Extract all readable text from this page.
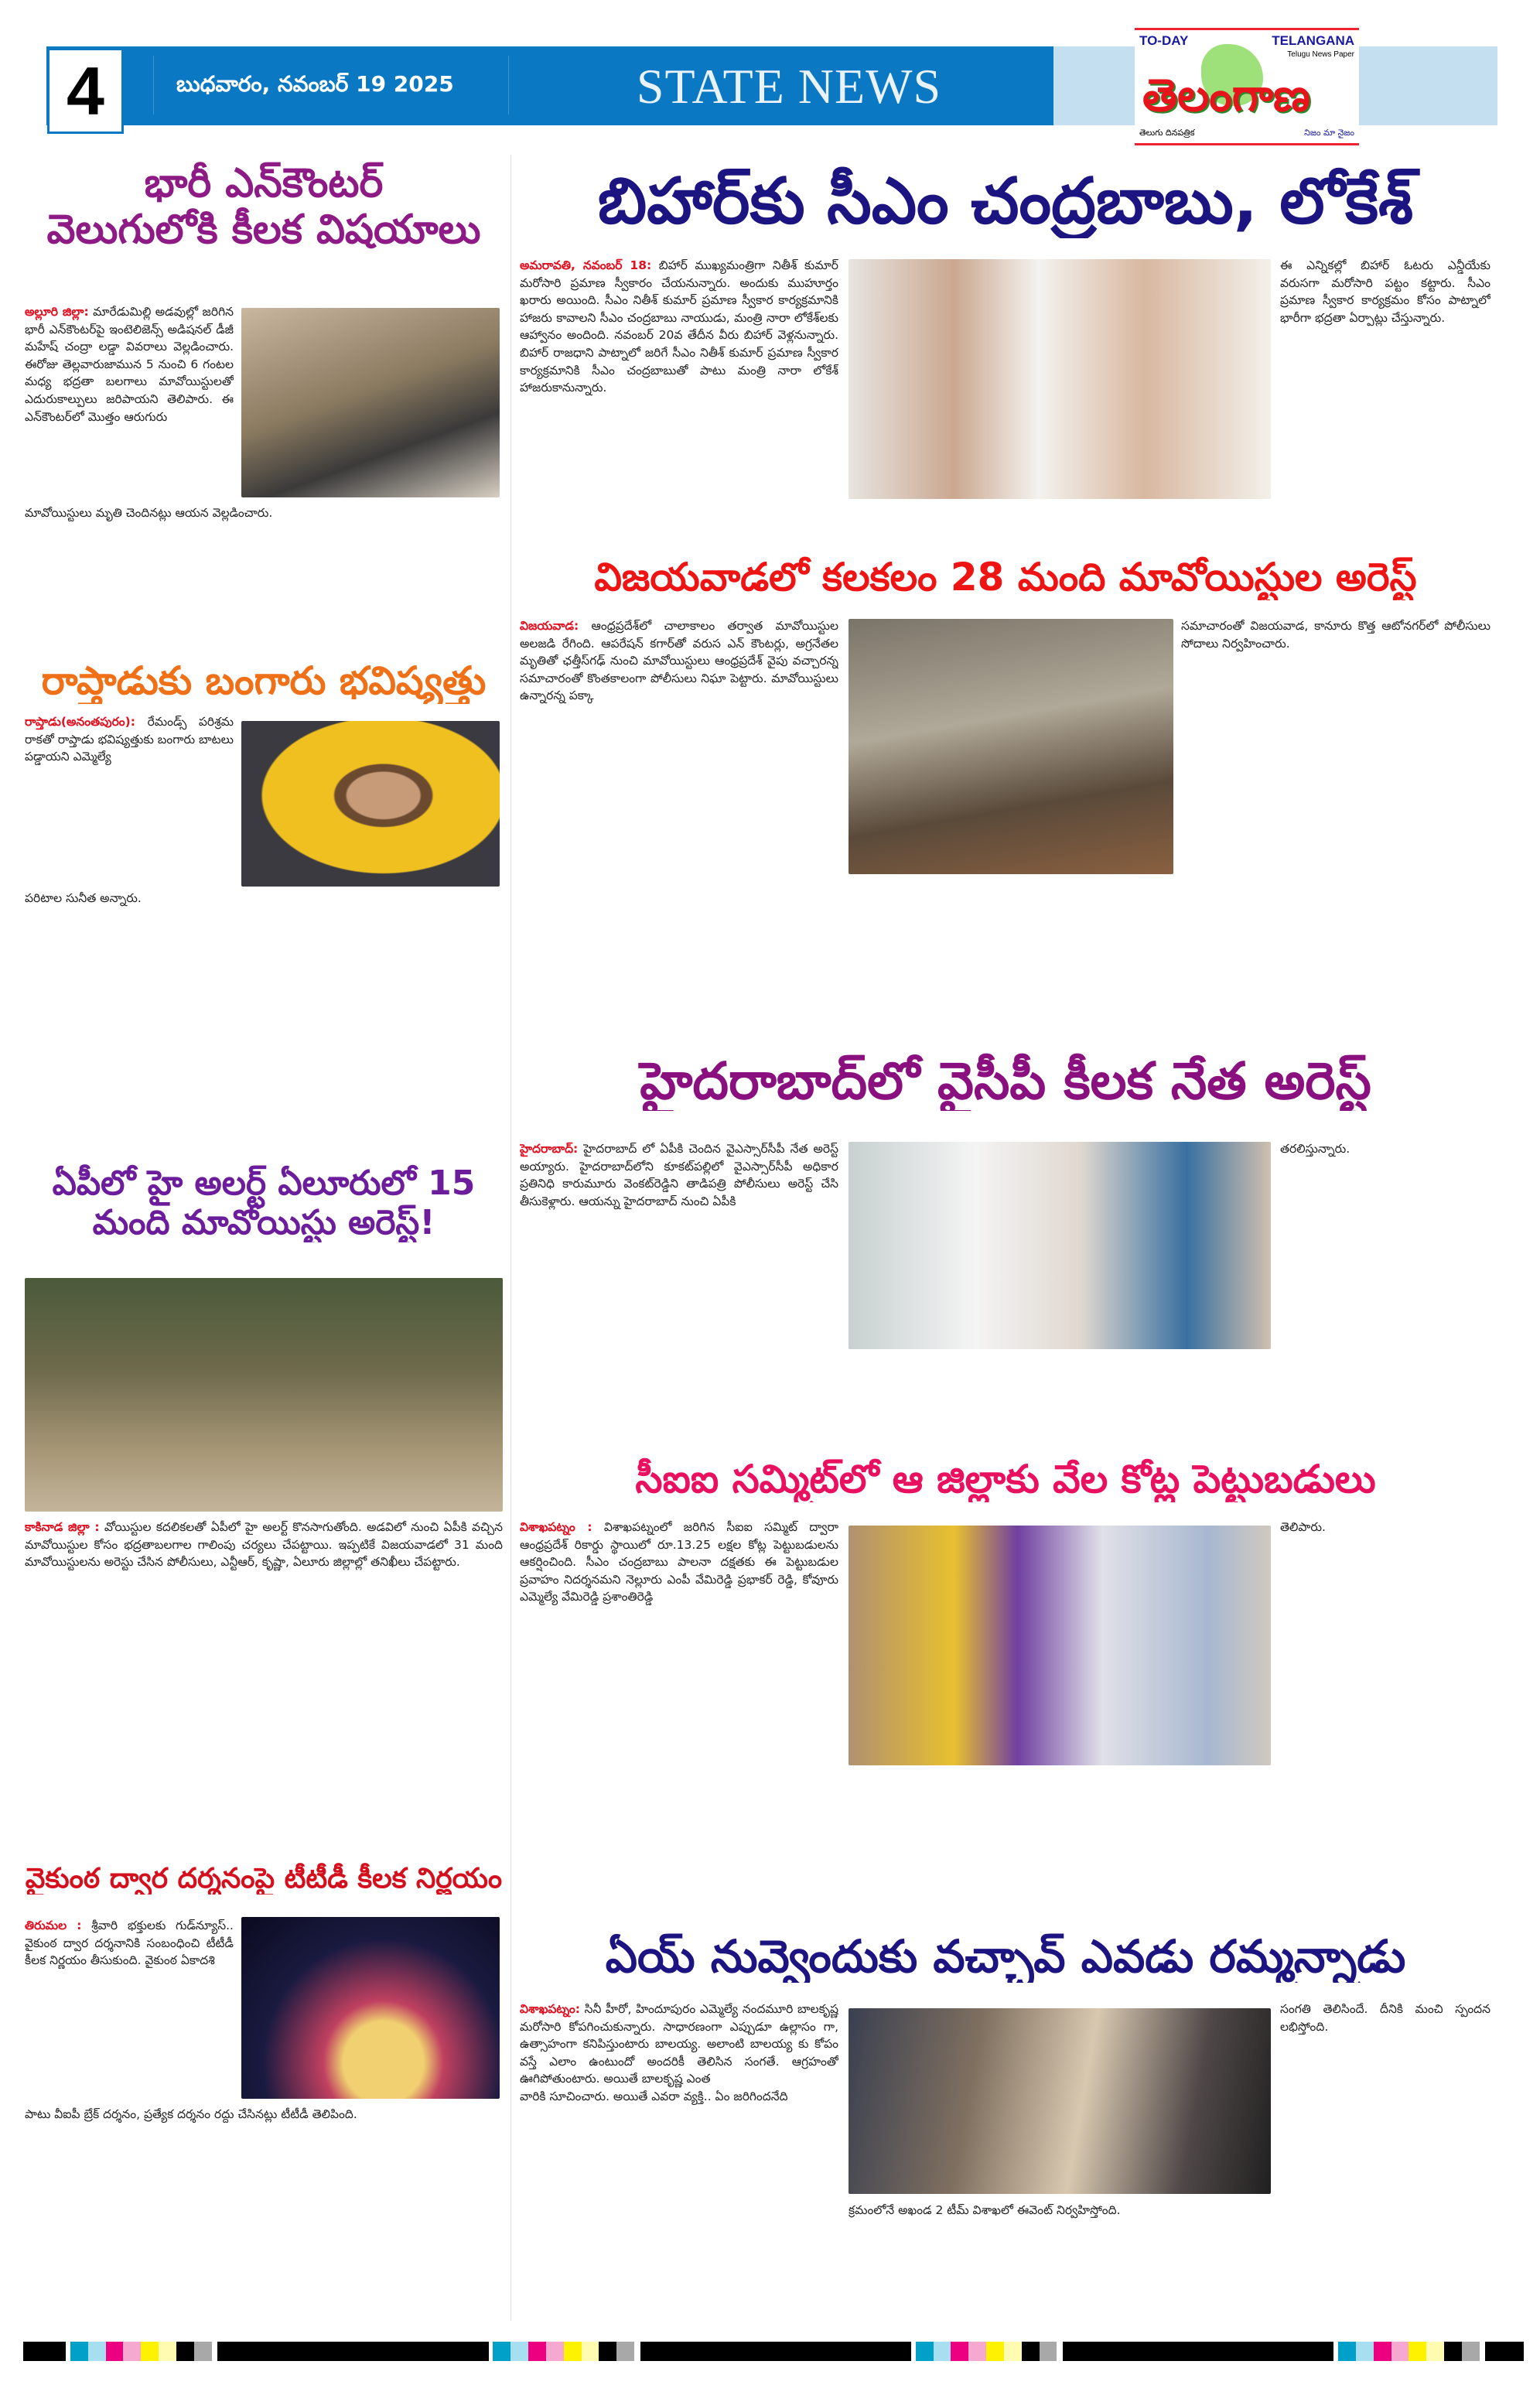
4	బుధవారం, నవంబర్ 19 2025	STATE NEWS
TO-DAY	TELANGANA
Telugu News Paper
తెలంగాణ
తెలుగు దినపత్రిక	నిజం మా నైజం
భారీ ఎన్‌కౌంటర్
వెలుగులోకి కీలక విషయాలు
అల్లూరి జిల్లా: మారేడుమిల్లి అడవుల్లో జరిగిన భారీ ఎన్‌కౌంటర్‌పై ఇంటెలిజెన్స్ అడిషనల్ డీజీ మహేష్ చంద్రా లడ్డా వివరాలు వెల్లడించారు. ఈరోజు తెల్లవారుజామున 5 నుంచి 6 గంటల మధ్య భద్రతా బలగాలు మావోయిస్టులతో ఎదురుకాల్పులు జరిపాయని తెలిపారు. ఈ ఎన్‌కౌంటర్‌లో మొత్తం ఆరుగురు
మావోయిస్టులు మృతి చెందినట్లు ఆయన వెల్లడించారు.
రాప్తాడుకు బంగారు భవిష్యత్తు
రాప్తాడు(అనంతపురం): రేమండ్స్ పరిశ్రమ రాకతో రాప్తాడు భవిష్యత్తుకు బంగారు బాటలు పడ్డాయని ఎమ్మెల్యే
పరిటాల సునీత అన్నారు.
ఏపీలో హై అలర్ట్ ఏలూరులో 15
మంది మావోయిస్టు అరెస్ట్!
కాకినాడ జిల్లా : వోయిస్టుల కదలికలతో ఏపీలో హై అలర్ట్ కొనసాగుతోంది. అడవిలో నుంచి ఏపీకి వచ్చిన మావోయిస్టుల కోసం భద్రతాబలగాల గాలింపు చర్యలు చేపట్టాయి. ఇప్పటికే విజయవాడలో 31 మంది మావోయిస్టులను అరెస్టు చేసిన పోలీసులు, ఎన్టీఆర్, కృష్ణా, ఏలూరు జిల్లాల్లో తనిఖీలు చేపట్టారు.
వైకుంఠ ద్వార దర్శనంపై టీటీడీ కీలక నిర్ణయం
తిరుమల : శ్రీవారి భక్తులకు గుడ్‌న్యూస్.. వైకుంఠ ద్వార దర్శనానికి సంబంధించి టీటీడీ కీలక నిర్ణయం తీసుకుంది. వైకుంఠ ఏకాదశి
పాటు వీఐపీ బ్రేక్ దర్శనం, ప్రత్యేక దర్శనం రద్దు చేసినట్లు టీటీడీ తెలిపింది.
బిహార్‌కు సీఎం చంద్రబాబు, లోకేశ్
అమరావతి, నవంబర్ 18: బిహార్ ముఖ్యమంత్రిగా నితీశ్ కుమార్ మరోసారి ప్రమాణ స్వీకారం చేయనున్నారు. అందుకు ముహూర్తం ఖరారు అయింది. సీఎం నితీశ్ కుమార్ ప్రమాణ స్వీకార కార్యక్రమానికి హాజరు కావాలని సీఎం చంద్రబాబు నాయుడు, మంత్రి నారా లోకేశ్‌లకు ఆహ్వానం అందింది. నవంబర్ 20వ తేదీన వీరు బిహార్ వెళ్లనున్నారు. బిహార్ రాజధాని పాట్నాలో జరిగే సీఎం నితీశ్ కుమార్ ప్రమాణ స్వీకార కార్యక్రమానికి సీఎం చంద్రబాబుతో పాటు మంత్రి నారా లోకేశ్ హాజరుకానున్నారు.
ఈ ఎన్నికల్లో బిహార్ ఓటరు ఎన్డీయేకు వరుసగా మరోసారి పట్టం కట్టారు. సీఎం ప్రమాణ స్వీకార కార్యక్రమం కోసం పాట్నాలో భారీగా భద్రతా ఏర్పాట్లు చేస్తున్నారు.
విజయవాడలో కలకలం 28 మంది మావోయిస్టుల అరెస్ట్
విజయవాడ: ఆంధ్రప్రదేశ్‌లో చాలాకాలం తర్వాత మావోయిస్టుల అలజడి రేగింది. ఆపరేషన్ కగార్‌తో వరుస ఎన్ కౌంటర్లు, అగ్రనేతల మృతితో ఛత్తీస్‌గఢ్ నుంచి మావోయిస్టులు ఆంధ్రప్రదేశ్ వైపు వచ్చారన్న సమాచారంతో కొంతకాలంగా పోలీసులు నిఘా పెట్టారు. మావోయిస్టులు ఉన్నారన్న పక్కా
సమాచారంతో విజయవాడ, కానూరు కొత్త ఆటోనగర్‌లో పోలీసులు సోదాలు నిర్వహించారు.
హైదరాబాద్‌లో వైసీపీ కీలక నేత అరెస్ట్
హైదరాబాద్: హైదరాబాద్ లో ఏపీకి చెందిన వైఎస్సార్‌సీపీ నేత అరెస్ట్ అయ్యారు. హైదరాబాద్‌లోని కూకట్‌పల్లిలో వైఎస్సార్‌సీపీ అధికార ప్రతినిధి కారుమూరు వెంకట్‌రెడ్డిని తాడిపత్రి పోలీసులు అరెస్ట్ చేసి తీసుకెళ్లారు. ఆయన్ను హైదరాబాద్ నుంచి ఏపీకి
తరలిస్తున్నారు.
సీఐఐ సమ్మిట్‌లో ఆ జిల్లాకు వేల కోట్ల పెట్టుబడులు
విశాఖపట్నం : విశాఖపట్నంలో జరిగిన సీఐఐ సమ్మిట్ ద్వారా ఆంధ్రప్రదేశ్ రికార్డు స్థాయిలో రూ.13.25 లక్షల కోట్ల పెట్టుబడులను ఆకర్షించింది. సీఎం చంద్రబాబు పాలనా దక్షతకు ఈ పెట్టుబడుల ప్రవాహం నిదర్శనమని నెల్లూరు ఎంపీ వేమిరెడ్డి ప్రభాకర్ రెడ్డి, కోవూరు ఎమ్మెల్యే వేమిరెడ్డి ప్రశాంతిరెడ్డి
తెలిపారు.
ఏయ్ నువ్వెందుకు వచ్చావ్ ఎవడు రమ్మన్నాడు
విశాఖపట్నం: సినీ హీరో, హిందూపురం ఎమ్మెల్యే నందమూరి బాలకృష్ణ మరోసారి కోపగించుకున్నారు. సాధారణంగా ఎప్పుడూ ఉల్లాసం గా, ఉత్సాహంగా కనిపిస్తుంటారు బాలయ్య. అలాంటి బాలయ్య కు కోపం వస్తే ఎలాం ఉంటుందో అందరికీ తెలిసిన సంగతే. ఆగ్రహంతో ఊగిపోతుంటారు. అయితే బాలకృష్ణ ఎంత
వారికి సూచించారు. అయితే ఎవరా వ్యక్తి.. ఏం జరిగిందనేది
క్రమంలోనే అఖండ 2 టీమ్ విశాఖలో ఈవెంట్ నిర్వహిస్తోంది.
సంగతి తెలిసిందే. దీనికి మంచి స్పందన లభిస్తోంది.
